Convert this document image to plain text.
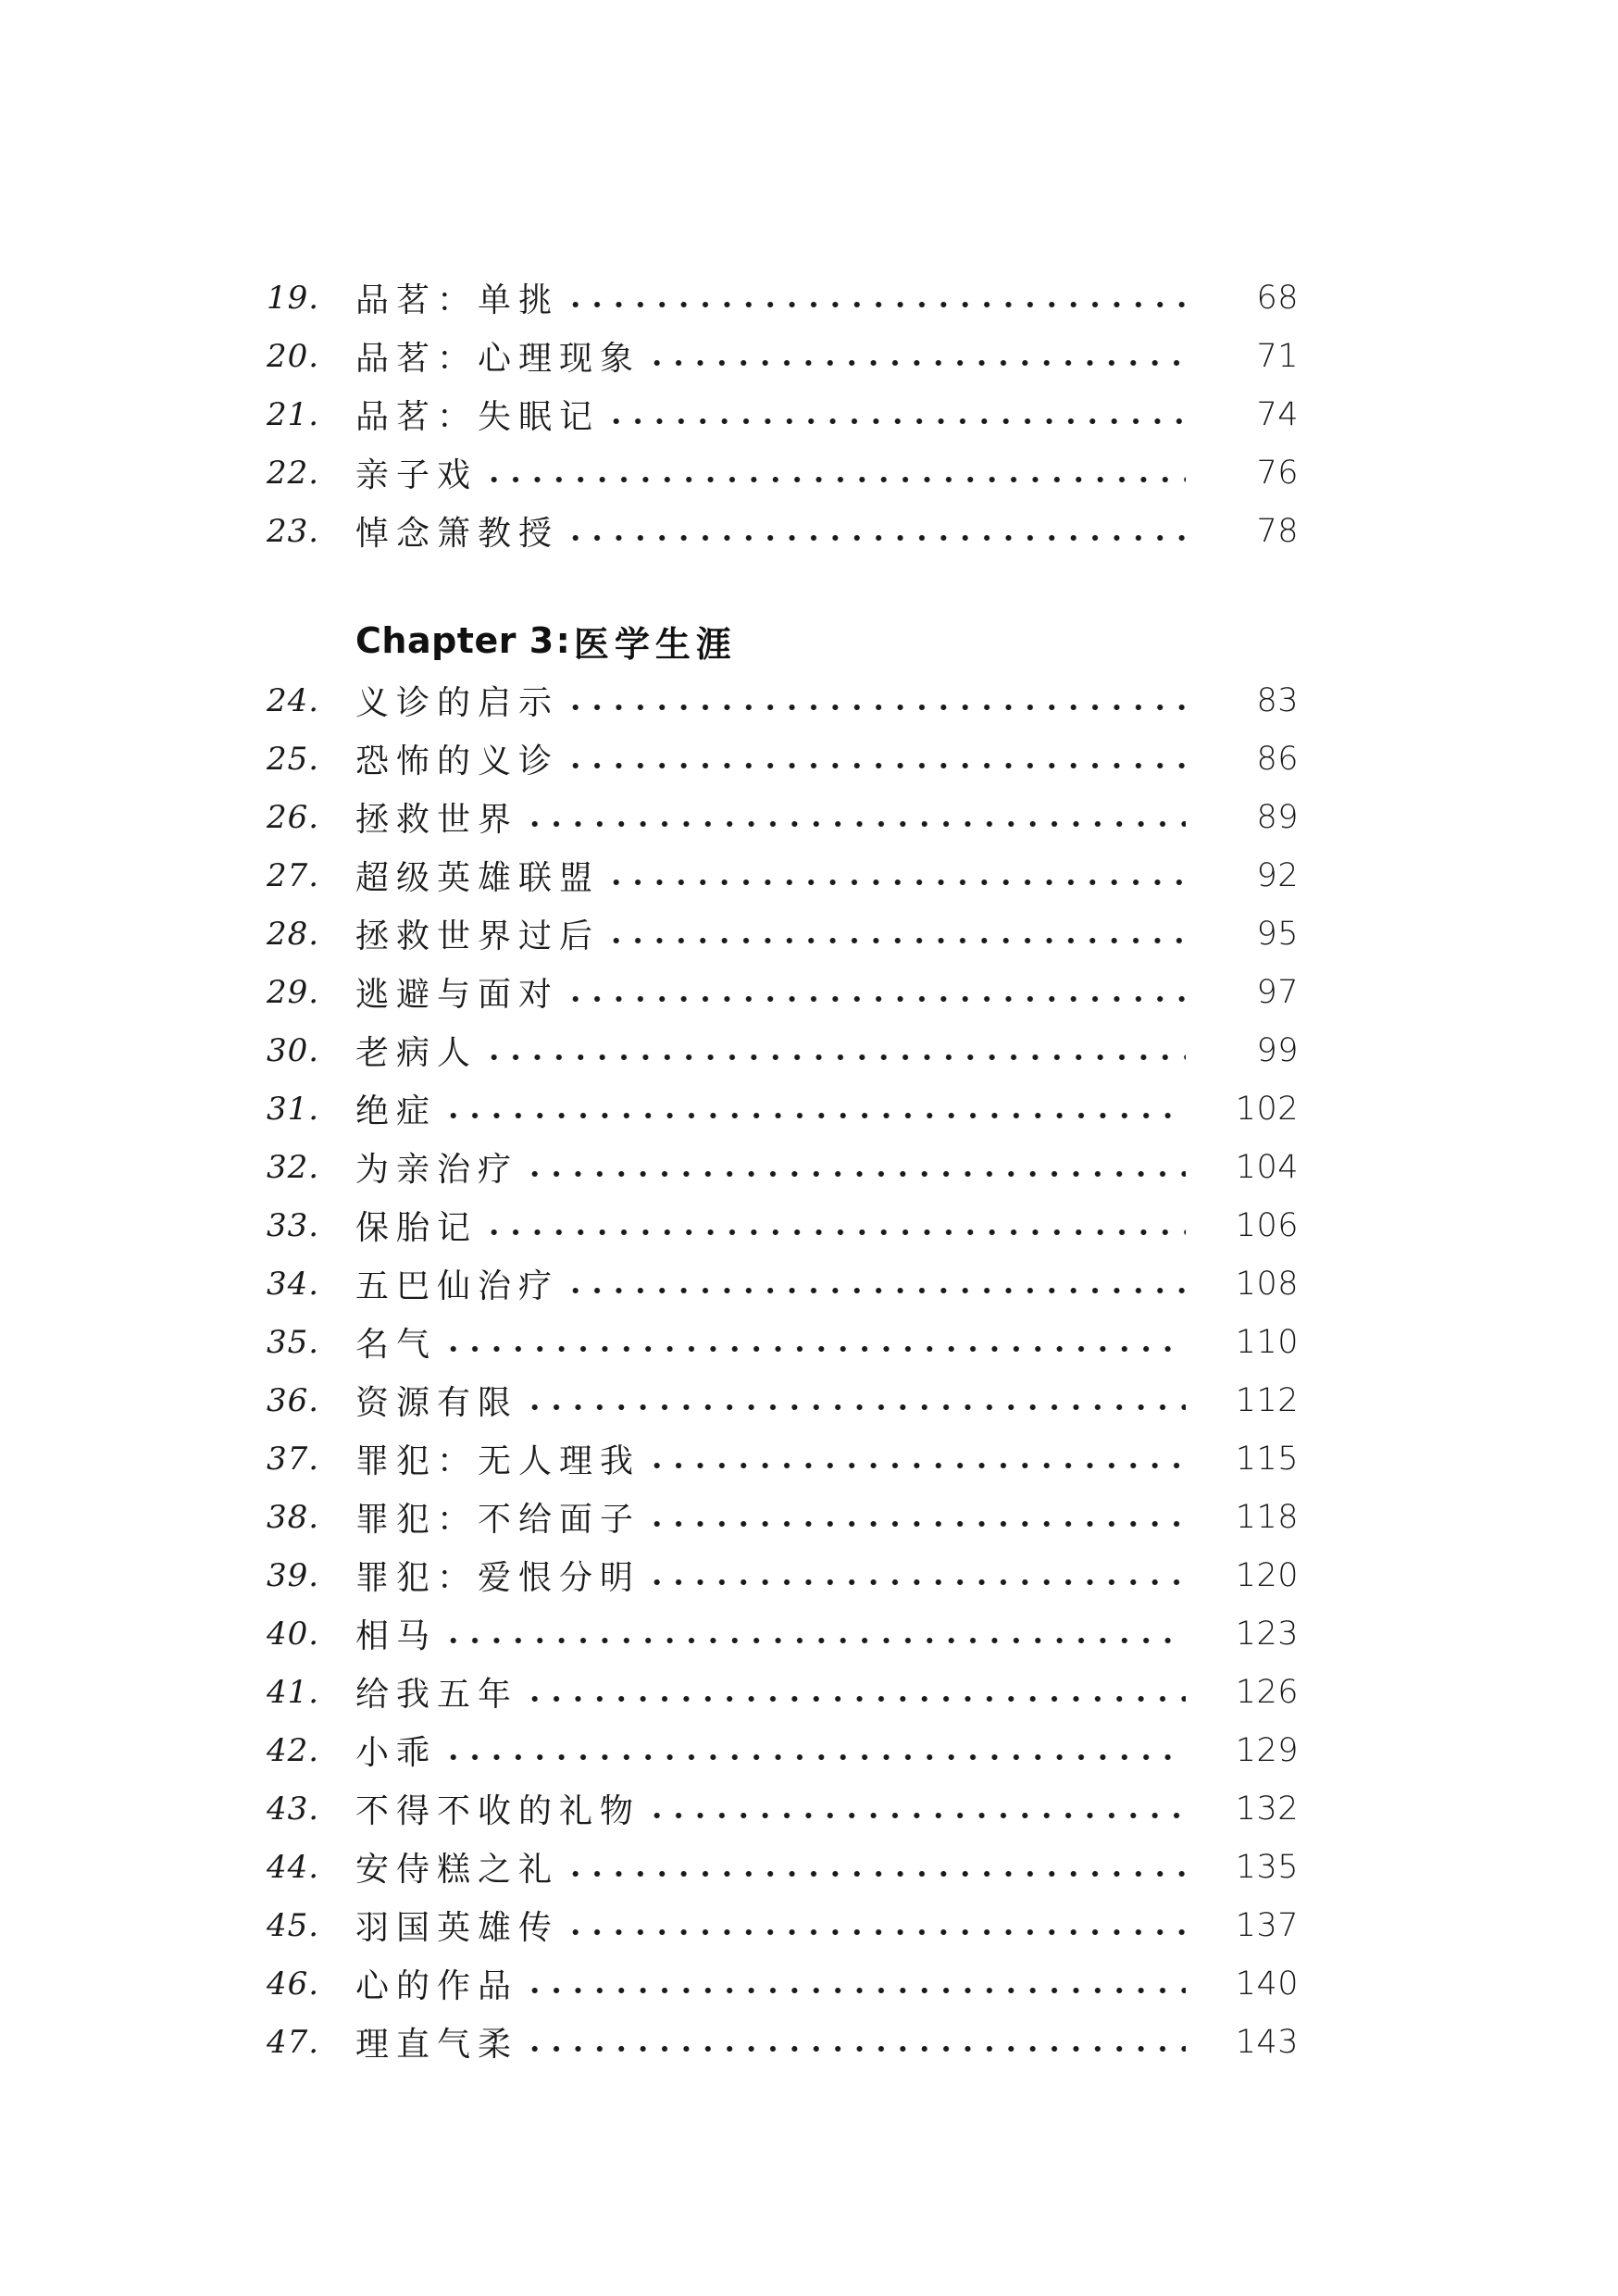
19.	品茗：单挑	68
20.	品茗：心理现象	71
21.	品茗：失眠记	74
22.	亲子戏	76
23.	悼念箫教授	78
Chapter 3 : 医学生涯
24.	义诊的启示	83
25.	恐怖的义诊	86
26.	拯救世界	89
27.	超级英雄联盟	92
28.	拯救世界过后	95
29.	逃避与面对	97
30.	老病人	99
31.	绝症	102
32.	为亲治疗	104
33.	保胎记	106
34.	五巴仙治疗	108
35.	名气	110
36.	资源有限	112
37.	罪犯：无人理我	115
38.	罪犯：不给面子	118
39.	罪犯：爱恨分明	120
40.	相马	123
41.	给我五年	126
42.	小乖	129
43.	不得不收的礼物	132
44.	安侍糕之礼	135
45.	羽国英雄传	137
46.	心的作品	140
47.	理直气柔	143
